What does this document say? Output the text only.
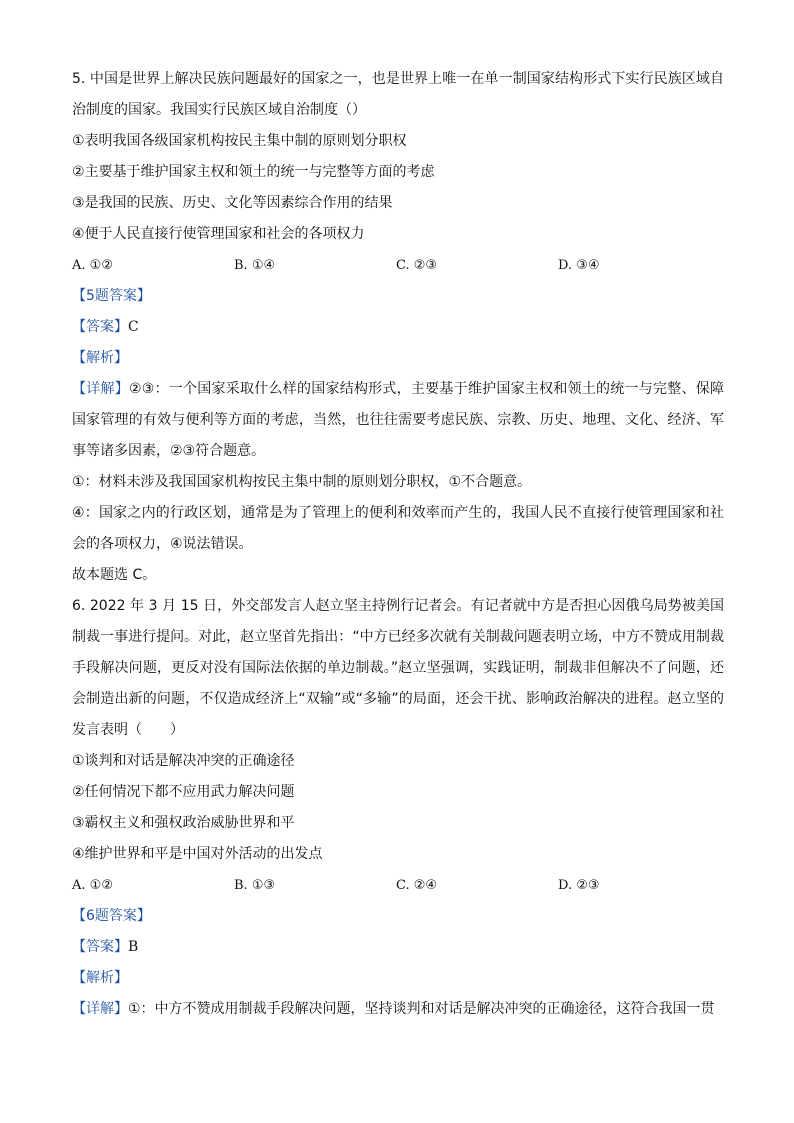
5. 中国是世界上解决民族问题最好的国家之一，也是世界上唯一在单一制国家结构形式下实行民族区域自治制度的国家。我国实行民族区域自治制度（）
①表明我国各级国家机构按民主集中制的原则划分职权
②主要基于维护国家主权和领土的统一与完整等方面的考虑
③是我国的民族、历史、文化等因素综合作用的结果
④便于人民直接行使管理国家和社会的各项权力
A. ①②	B. ①④	C. ②③	D. ③④
【5题答案】
【答案】C
【解析】
【详解】②③：一个国家采取什么样的国家结构形式，主要基于维护国家主权和领土的统一与完整、保障国家管理的有效与便利等方面的考虑，当然，也往往需要考虑民族、宗教、历史、地理、文化、经济、军事等诸多因素，②③符合题意。
①：材料未涉及我国国家机构按民主集中制的原则划分职权，①不合题意。
④：国家之内的行政区划，通常是为了管理上的便利和效率而产生的，我国人民不直接行使管理国家和社会的各项权力，④说法错误。
故本题选 C。
6. 2022 年 3 月 15 日，外交部发言人赵立坚主持例行记者会。有记者就中方是否担心因俄乌局势被美国制裁一事进行提问。对此，赵立坚首先指出：“中方已经多次就有关制裁问题表明立场，中方不赞成用制裁手段解决问题，更反对没有国际法依据的单边制裁。”赵立坚强调，实践证明，制裁非但解决不了问题，还会制造出新的问题，不仅造成经济上“双输”或“多输”的局面，还会干扰、影响政治解决的进程。赵立坚的发言表明（　　）
①谈判和对话是解决冲突的正确途径
②任何情况下都不应用武力解决问题
③霸权主义和强权政治威胁世界和平
④维护世界和平是中国对外活动的出发点
A. ①②	B. ①③	C. ②④	D. ②③
【6题答案】
【答案】B
【解析】
【详解】①：中方不赞成用制裁手段解决问题，坚持谈判和对话是解决冲突的正确途径，这符合我国一贯
